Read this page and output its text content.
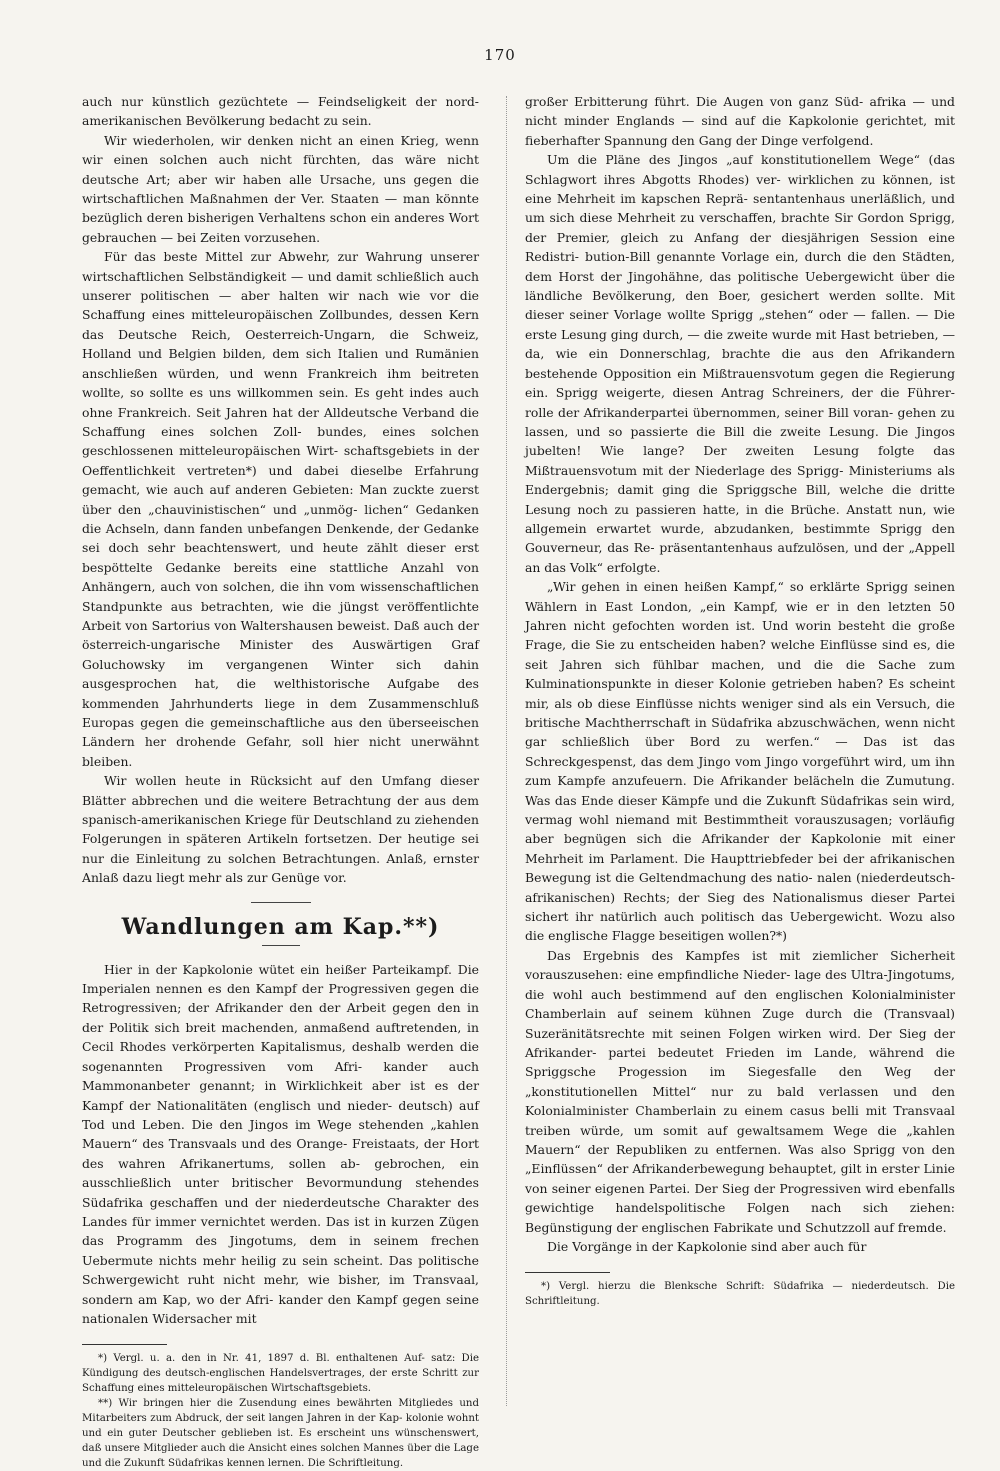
170

auch nur künstlich gezüchtete — Feindseligkeit der nord- amerikanischen Bevölkerung bedacht zu sein.

Wir wiederholen, wir denken nicht an einen Krieg, wenn wir einen solchen auch nicht fürchten, das wäre nicht deutsche Art; aber wir haben alle Ursache, uns gegen die wirtschaftlichen Maßnahmen der Ver. Staaten — man könnte bezüglich deren bisherigen Verhaltens schon ein anderes Wort gebrauchen — bei Zeiten vorzusehen.

Für das beste Mittel zur Abwehr, zur Wahrung unserer wirtschaftlichen Selbständigkeit — und damit schließlich auch unserer politischen — aber halten wir nach wie vor die Schaffung eines mitteleuropäischen Zollbundes, dessen Kern das Deutsche Reich, Oesterreich-Ungarn, die Schweiz, Holland und Belgien bilden, dem sich Italien und Rumänien anschließen würden, und wenn Frankreich ihm beitreten wollte, so sollte es uns willkommen sein. Es geht indes auch ohne Frankreich. Seit Jahren hat der Alldeutsche Verband die Schaffung eines solchen Zoll- bundes, eines solchen geschlossenen mitteleuropäischen Wirt- schaftsgebiets in der Oeffentlichkeit vertreten*) und dabei dieselbe Erfahrung gemacht, wie auch auf anderen Gebieten: Man zuckte zuerst über den „chauvinistischen“ und „unmög- lichen“ Gedanken die Achseln, dann fanden unbefangen Denkende, der Gedanke sei doch sehr beachtenswert, und heute zählt dieser erst bespöttelte Gedanke bereits eine stattliche Anzahl von Anhängern, auch von solchen, die ihn vom wissenschaftlichen Standpunkte aus betrachten, wie die jüngst veröffentlichte Arbeit von Sartorius von Waltershausen beweist. Daß auch der österreich-ungarische Minister des Auswärtigen Graf Goluchowsky im vergangenen Winter sich dahin ausgesprochen hat, die welthistorische Aufgabe des kommenden Jahrhunderts liege in dem Zusammenschluß Europas gegen die gemeinschaftliche aus den überseeischen Ländern her drohende Gefahr, soll hier nicht unerwähnt bleiben.

Wir wollen heute in Rücksicht auf den Umfang dieser Blätter abbrechen und die weitere Betrachtung der aus dem spanisch-amerikanischen Kriege für Deutschland zu ziehenden Folgerungen in späteren Artikeln fortsetzen. Der heutige sei nur die Einleitung zu solchen Betrachtungen. Anlaß, ernster Anlaß dazu liegt mehr als zur Genüge vor.

Wandlungen am Kap.**)

Hier in der Kapkolonie wütet ein heißer Parteikampf. Die Imperialen nennen es den Kampf der Progressiven gegen die Retrogressiven; der Afrikander den der Arbeit gegen den in der Politik sich breit machenden, anmaßend auftretenden, in Cecil Rhodes verkörperten Kapitalismus, deshalb werden die sogenannten Progressiven vom Afri- kander auch Mammonanbeter genannt; in Wirklichkeit aber ist es der Kampf der Nationalitäten (englisch und nieder- deutsch) auf Tod und Leben. Die den Jingos im Wege stehenden „kahlen Mauern“ des Transvaals und des Orange- Freistaats, der Hort des wahren Afrikanertums, sollen ab- gebrochen, ein ausschließlich unter britischer Bevormundung stehendes Südafrika geschaffen und der niederdeutsche Charakter des Landes für immer vernichtet werden. Das ist in kurzen Zügen das Programm des Jingotums, dem in seinem frechen Uebermute nichts mehr heilig zu sein scheint. Das politische Schwergewicht ruht nicht mehr, wie bisher, im Transvaal, sondern am Kap, wo der Afri- kander den Kampf gegen seine nationalen Widersacher mit

*) Vergl. u. a. den in Nr. 41, 1897 d. Bl. enthaltenen Auf- satz: Die Kündigung des deutsch-englischen Handelsvertrages, der erste Schritt zur Schaffung eines mitteleuropäischen Wirtschaftsgebiets.

**) Wir bringen hier die Zusendung eines bewährten Mitgliedes und Mitarbeiters zum Abdruck, der seit langen Jahren in der Kap- kolonie wohnt und ein guter Deutscher geblieben ist. Es erscheint uns wünschenswert, daß unsere Mitglieder auch die Ansicht eines solchen Mannes über die Lage und die Zukunft Südafrikas kennen lernen. Die Schriftleitung.

großer Erbitterung führt. Die Augen von ganz Süd- afrika — und nicht minder Englands — sind auf die Kapkolonie gerichtet, mit fieberhafter Spannung den Gang der Dinge verfolgend.

Um die Pläne des Jingos „auf konstitutionellem Wege“ (das Schlagwort ihres Abgotts Rhodes) ver- wirklichen zu können, ist eine Mehrheit im kapschen Reprä- sentantenhaus unerläßlich, und um sich diese Mehrheit zu verschaffen, brachte Sir Gordon Sprigg, der Premier, gleich zu Anfang der diesjährigen Session eine Redistri- bution-Bill genannte Vorlage ein, durch die den Städten, dem Horst der Jingohähne, das politische Uebergewicht über die ländliche Bevölkerung, den Boer, gesichert werden sollte. Mit dieser seiner Vorlage wollte Sprigg „stehen“ oder — fallen. — Die erste Lesung ging durch, — die zweite wurde mit Hast betrieben, — da, wie ein Donnerschlag, brachte die aus den Afrikandern bestehende Opposition ein Mißtrauensvotum gegen die Regierung ein. Sprigg weigerte, diesen Antrag Schreiners, der die Führer- rolle der Afrikanderpartei übernommen, seiner Bill voran- gehen zu lassen, und so passierte die Bill die zweite Lesung. Die Jingos jubelten! Wie lange? Der zweiten Lesung folgte das Mißtrauensvotum mit der Niederlage des Sprigg- Ministeriums als Endergebnis; damit ging die Spriggsche Bill, welche die dritte Lesung noch zu passieren hatte, in die Brüche. Anstatt nun, wie allgemein erwartet wurde, abzudanken, bestimmte Sprigg den Gouverneur, das Re- präsentantenhaus aufzulösen, und der „Appell an das Volk“ erfolgte.

„Wir gehen in einen heißen Kampf,“ so erklärte Sprigg seinen Wählern in East London, „ein Kampf, wie er in den letzten 50 Jahren nicht gefochten worden ist. Und worin besteht die große Frage, die Sie zu entscheiden haben? welche Einflüsse sind es, die seit Jahren sich fühlbar machen, und die die Sache zum Kulminationspunkte in dieser Kolonie getrieben haben? Es scheint mir, als ob diese Einflüsse nichts weniger sind als ein Versuch, die britische Machtherrschaft in Südafrika abzuschwächen, wenn nicht gar schließlich über Bord zu werfen.“ — Das ist das Schreckgespenst, das dem Jingo vom Jingo vorgeführt wird, um ihn zum Kampfe anzufeuern. Die Afrikander belächeln die Zumutung. Was das Ende dieser Kämpfe und die Zukunft Südafrikas sein wird, vermag wohl niemand mit Bestimmtheit vorauszusagen; vorläufig aber begnügen sich die Afrikander der Kapkolonie mit einer Mehrheit im Parlament. Die Haupttriebfeder bei der afrikanischen Bewegung ist die Geltendmachung des natio- nalen (niederdeutsch-afrikanischen) Rechts; der Sieg des Nationalismus dieser Partei sichert ihr natürlich auch politisch das Uebergewicht. Wozu also die englische Flagge beseitigen wollen?*)

Das Ergebnis des Kampfes ist mit ziemlicher Sicherheit vorauszusehen: eine empfindliche Nieder- lage des Ultra-Jingotums, die wohl auch bestimmend auf den englischen Kolonialminister Chamberlain auf seinem kühnen Zuge durch die (Transvaal) Suzeränitätsrechte mit seinen Folgen wirken wird. Der Sieg der Afrikander- partei bedeutet Frieden im Lande, während die Spriggsche Progession im Siegesfalle den Weg der „konstitutionellen Mittel“ nur zu bald verlassen und den Kolonialminister Chamberlain zu einem casus belli mit Transvaal treiben würde, um somit auf gewaltsamem Wege die „kahlen Mauern“ der Republiken zu entfernen. Was also Sprigg von den „Einflüssen“ der Afrikanderbewegung behauptet, gilt in erster Linie von seiner eigenen Partei. Der Sieg der Progressiven wird ebenfalls gewichtige handelspolitische Folgen nach sich ziehen: Begünstigung der englischen Fabrikate und Schutzzoll auf fremde.

Die Vorgänge in der Kapkolonie sind aber auch für

*) Vergl. hierzu die Blenksche Schrift: Südafrika — niederdeutsch. Die Schriftleitung.
